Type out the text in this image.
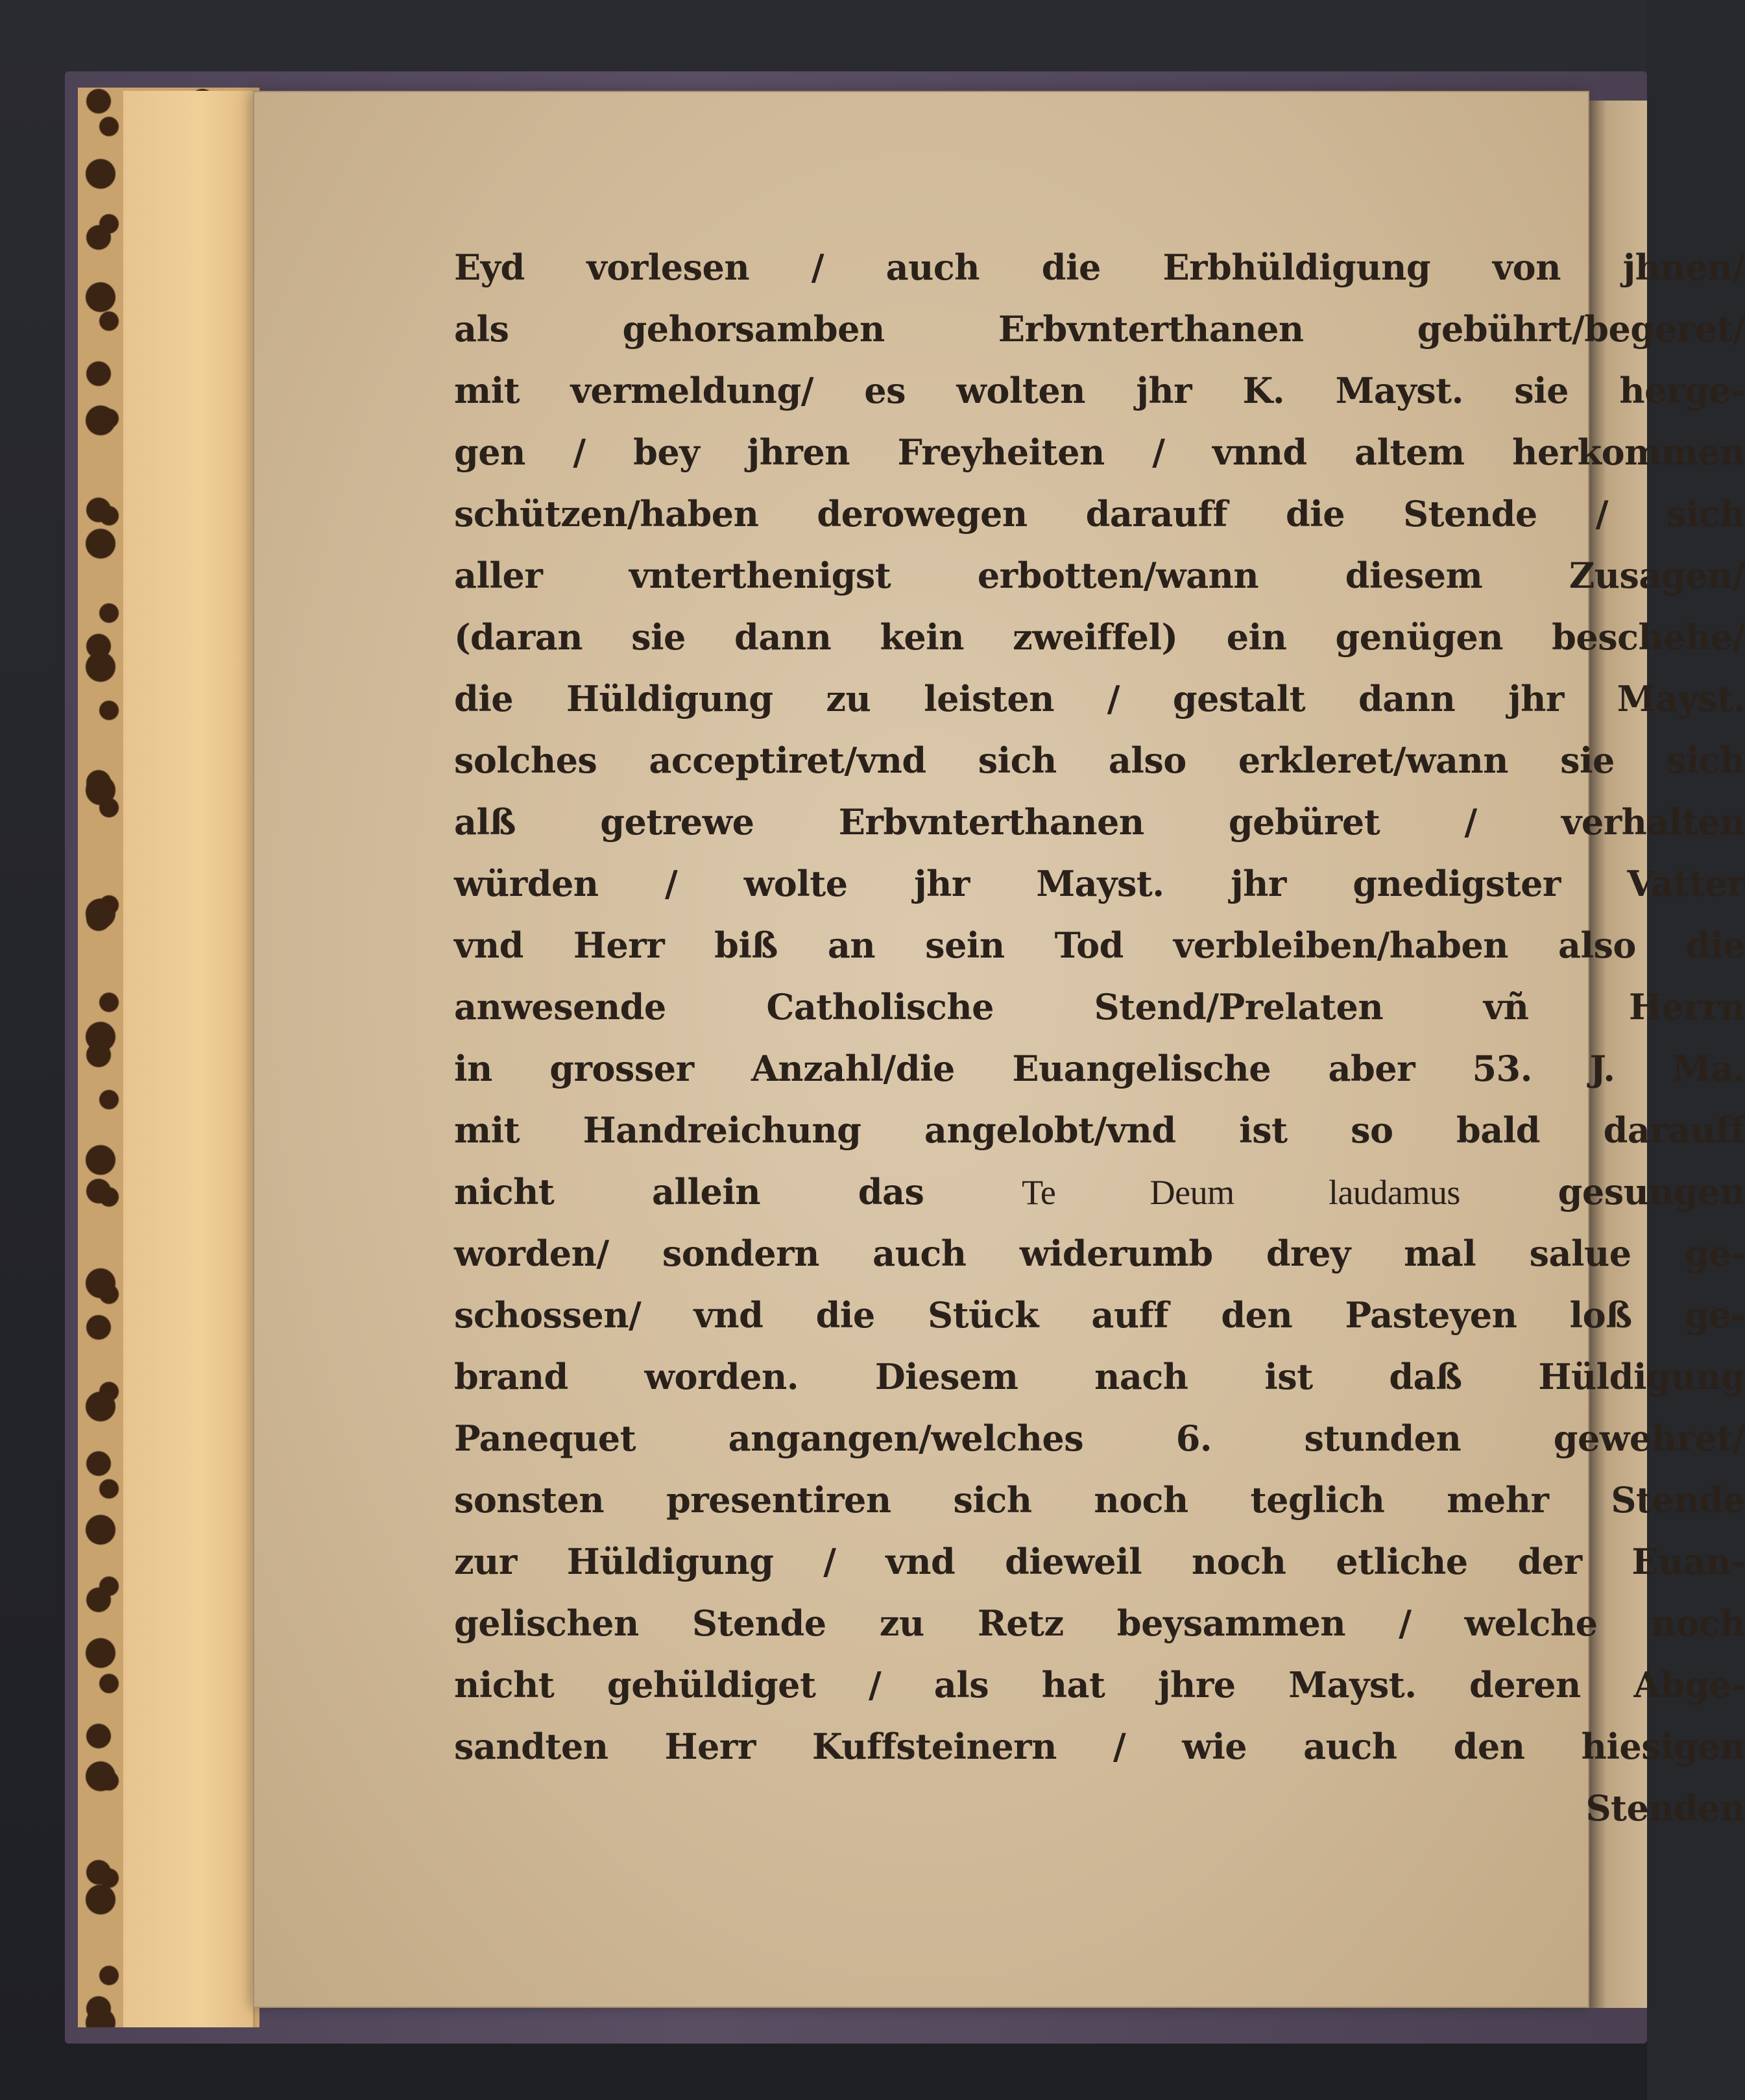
Eyd vorlesen / auch die Erbhüldigung von jhnen/
als gehorsamben Erbvnterthanen gebührt/begeret/
mit vermeldung/ es wolten jhr K. Mayst. sie herge-
gen / bey jhren Freyheiten / vnnd altem herkommen
schützen/haben derowegen darauff die Stende / sich
aller vnterthenigst erbotten/wann diesem Zusagen/
(daran sie dann kein zweiffel) ein genügen beschehe/
die Hüldigung zu leisten / gestalt dann jhr Mayst.
solches acceptiret/vnd sich also erkleret/wann sie sich
alß getrewe Erbvnterthanen gebüret / verhalten
würden / wolte jhr Mayst. jhr gnedigster Vatter
vnd Herr biß an sein Tod verbleiben/haben also die
anwesende Catholische Stend/Prelaten vñ Herrn
in grosser Anzahl/die Euangelische aber 53. J. Ma.
mit Handreichung angelobt/vnd ist so bald darauff
nicht allein das	Te Deum laudamus	gesungen
worden/ sondern auch widerumb drey mal salue ge-
schossen/ vnd die Stück auff den Pasteyen loß ge-
brand worden. Diesem nach ist daß Hüldigung
Panequet angangen/welches 6. stunden gewehret/
sonsten presentiren sich noch teglich mehr Stende
zur Hüldigung / vnd dieweil noch etliche der Euan-
gelischen Stende zu Retz beysammen / welche noch
nicht gehüldiget / als hat jhre Mayst. deren Abge-
sandten Herr Kuffsteinern / wie auch den hiesigen
Stenden
